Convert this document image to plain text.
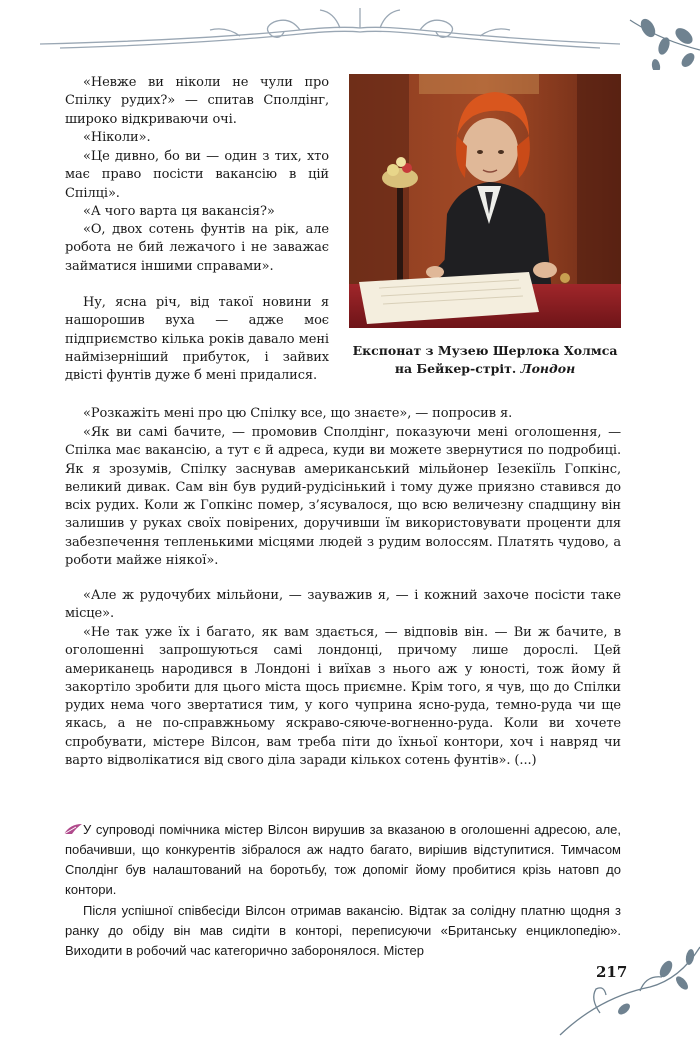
«Невже ви ніколи не чули про Спілку рудих?» — спитав Сполдінг, широко відкриваючи очі.

«Ніколи».

«Це дивно, бо ви — один з тих, хто має право посісти вакансію в цій Спілці».

«А чого варта ця вакансія?»

«О, двох сотень фунтів на рік, але робота не бий лежачого і не заважає займатися іншими справами».

Ну, ясна річ, від такої новини я нашорошив вуха — адже моє підприємство кілька років давало мені наймізерніший прибуток, і зайвих двісті фунтів дуже б мені придалися.

Експонат з Музею Шерлока Холмса
на Бейкер-стріт. Лондон

«Розкажіть мені про цю Спілку все, що знаєте», — попросив я.

«Як ви самі бачите, — промовив Сполдінг, показуючи мені оголошення, — Спілка має вакансію, а тут є й адреса, куди ви можете звернутися по подробиці. Як я зрозумів, Спілку заснував американський мільйонер Іезекіїль Гопкінс, великий дивак. Сам він був рудий-рудісінький і тому дуже приязно ставився до всіх рудих. Коли ж Гопкінс помер, з’ясувалося, що всю величезну спадщину він залишив у руках своїх повірених, доручивши їм використовувати проценти для забезпечення тепленькими місцями людей з рудим волоссям. Платять чудово, а роботи майже ніякої».

«Але ж рудочубих мільйони, — зауважив я, — і кожний захоче посісти таке місце».

«Не так уже їх і багато, як вам здається, — відповів він. — Ви ж бачите, в оголошенні запрошуються самі лондонці, причому лише дорослі. Цей американець народився в Лондоні і виїхав з нього аж у юності, тож йому й закортіло зробити для цього міста щось приємне. Крім того, я чув, що до Спілки рудих нема чого звертатися тим, у кого чуприна ясно-руда, темно-руда чи ще якась, а не по-справжньому яскраво-сяюче-вогненно-руда. Коли ви хочете спробувати, містере Вілсон, вам треба піти до їхньої контори, хоч і навряд чи варто відволікатися від свого діла заради кількох сотень фунтів». (...)

У супроводі помічника містер Вілсон вирушив за вказаною в оголошенні адресою, але, побачивши, що конкурентів зібралося аж надто багато, вирішив відступитися. Тимчасом Сполдінг був налаштований на боротьбу, тож допоміг йому пробитися крізь натовп до контори.

Після успішної співбесіди Вілсон отримав вакансію. Відтак за солідну платню щодня з ранку до обіду він мав сидіти в конторі, переписуючи «Британську енциклопедію». Виходити в робочий час категорично заборонялося. Містер

217
